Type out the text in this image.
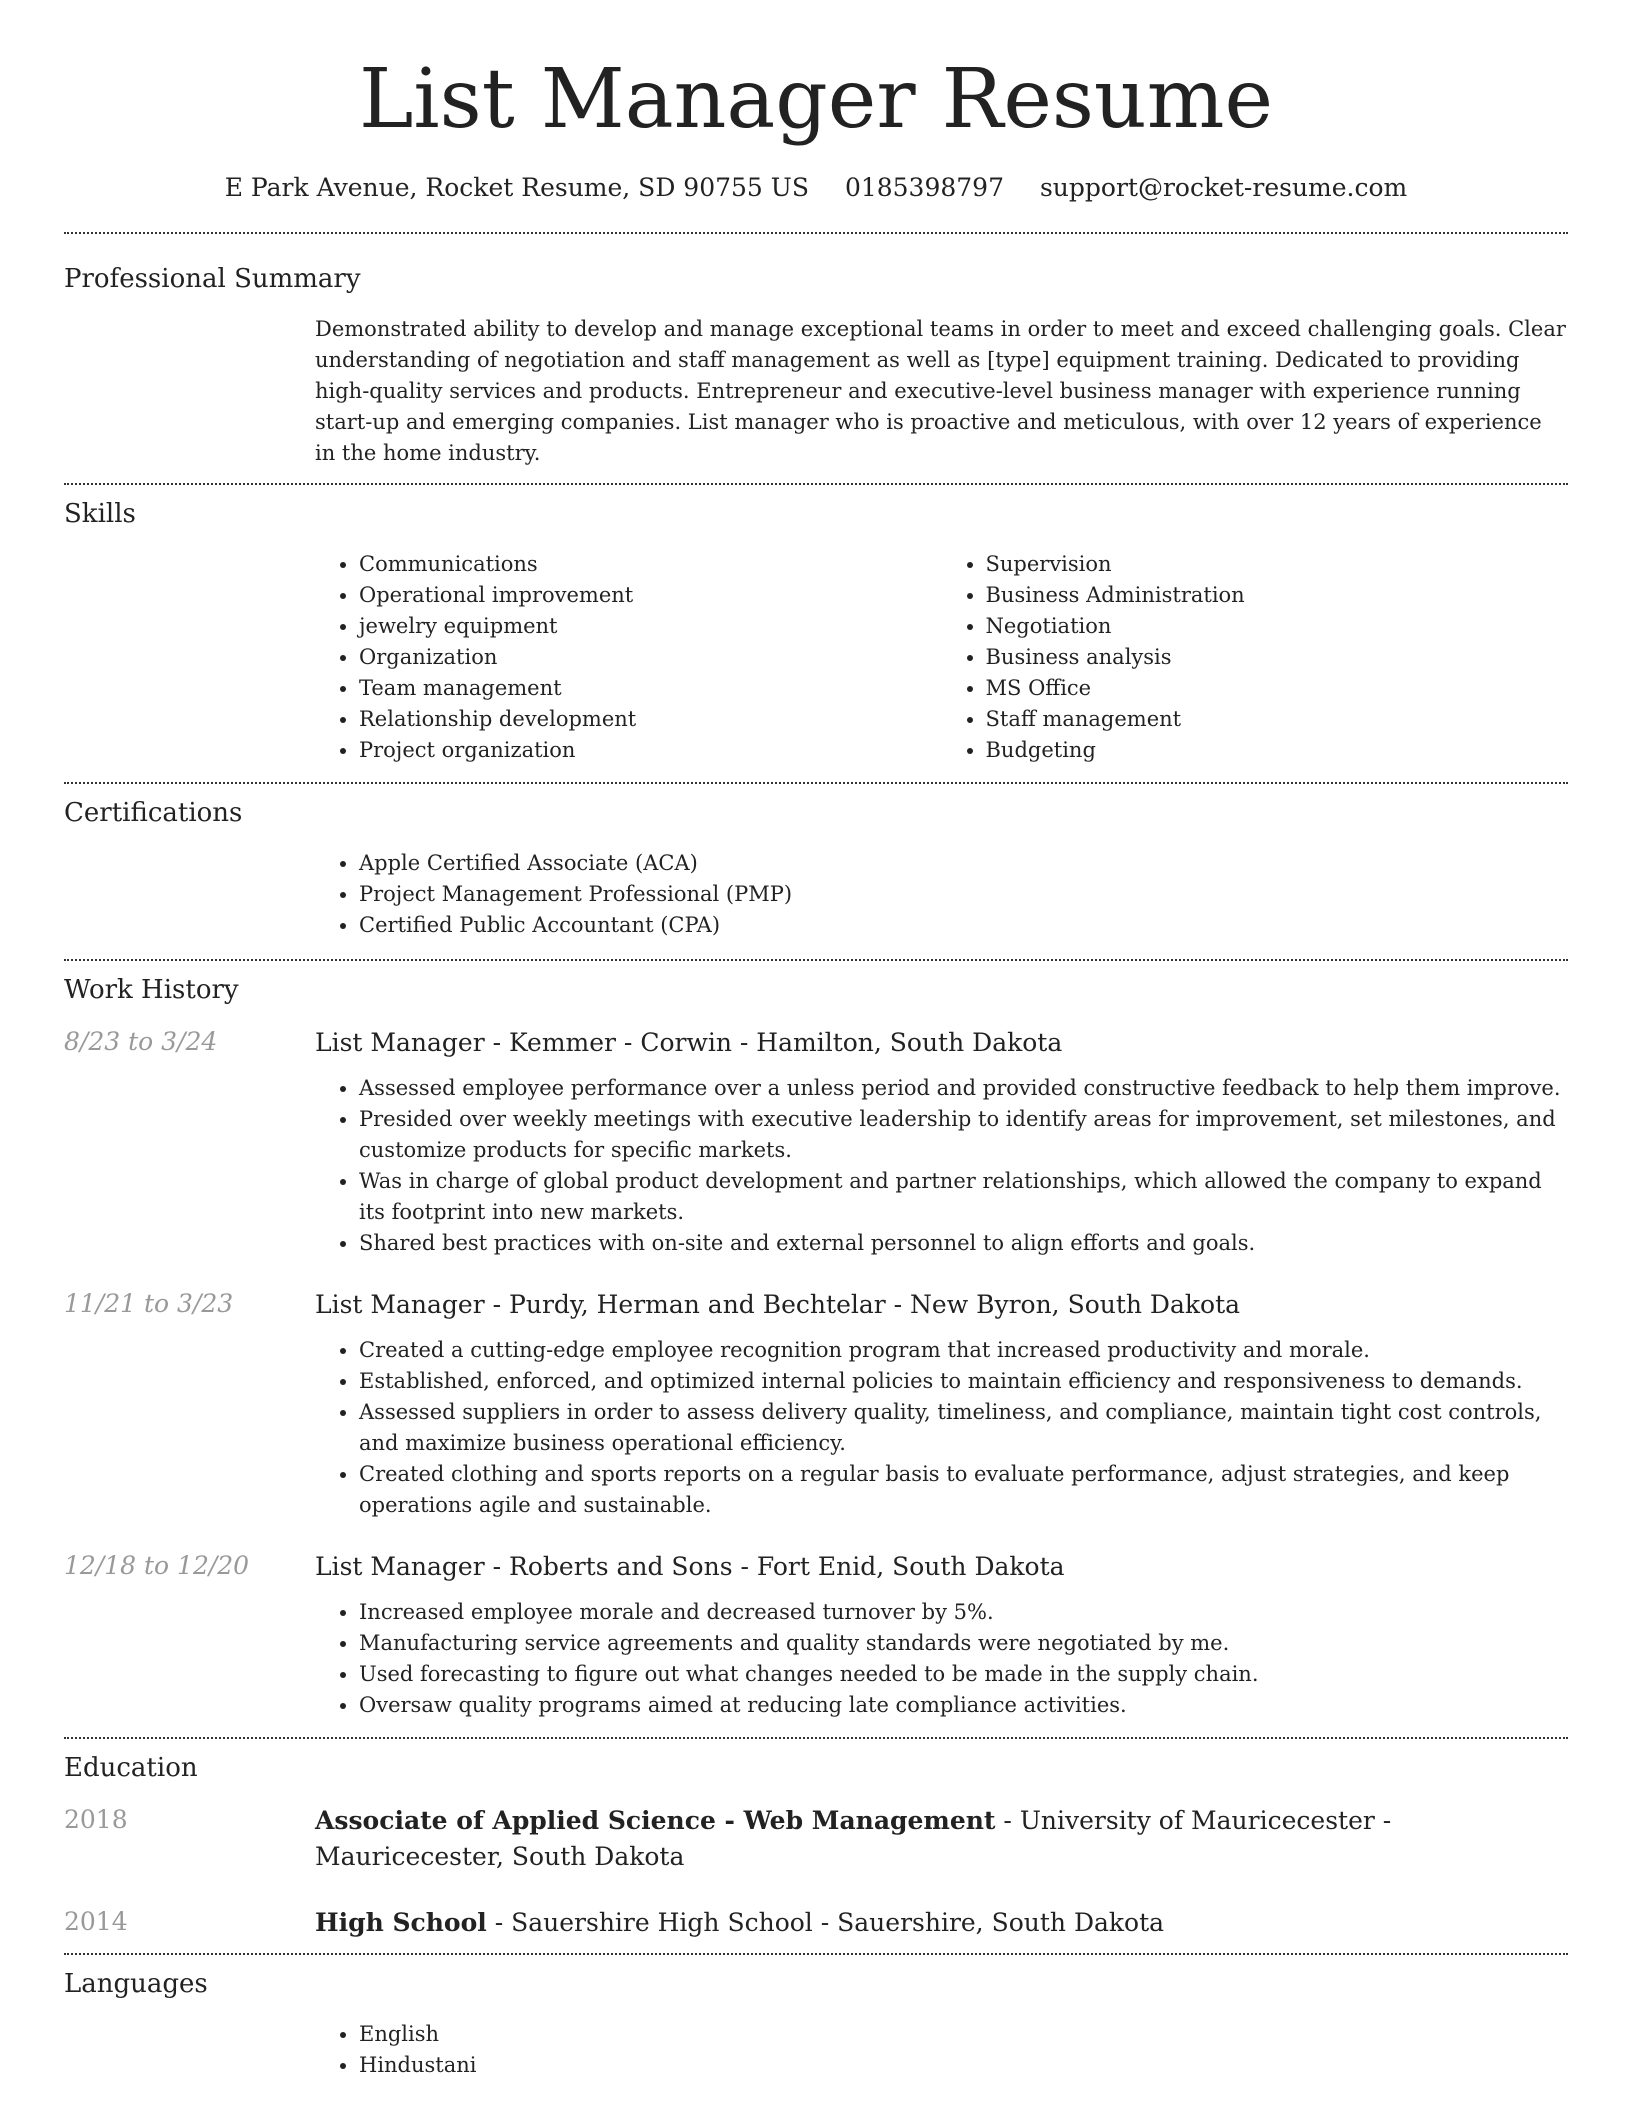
List Manager Resume
E Park Avenue, Rocket Resume, SD 90755 US 0185398797 support@rocket-resume.com
Professional Summary

Demonstrated ability to develop and manage exceptional teams in order to meet and exceed challenging goals. Clear understanding of negotiation and staff management as well as [type] equipment training. Dedicated to providing high-quality services and products. Entrepreneur and executive-level business manager with experience running start-up and emerging companies. List manager who is proactive and meticulous, with over 12 years of experience in the home industry.

Skills
• Communications
• Operational improvement
• jewelry equipment
• Organization
• Team management
• Relationship development
• Project organization
• Supervision
• Business Administration
• Negotiation
• Business analysis
• MS Office
• Staff management
• Budgeting
Certifications
• Apple Certified Associate (ACA)
• Project Management Professional (PMP)
• Certified Public Accountant (CPA)
Work History
8/23 to 3/24	List Manager - Kemmer - Corwin - Hamilton, South Dakota
• Assessed employee performance over a unless period and provided constructive feedback to help them improve.
• Presided over weekly meetings with executive leadership to identify areas for improvement, set milestones, and customize products for specific markets.
• Was in charge of global product development and partner relationships, which allowed the company to expand its footprint into new markets.
• Shared best practices with on-site and external personnel to align efforts and goals.
11/21 to 3/23	List Manager - Purdy, Herman and Bechtelar - New Byron, South Dakota
• Created a cutting-edge employee recognition program that increased productivity and morale.
• Established, enforced, and optimized internal policies to maintain efficiency and responsiveness to demands.
• Assessed suppliers in order to assess delivery quality, timeliness, and compliance, maintain tight cost controls, and maximize business operational efficiency.
• Created clothing and sports reports on a regular basis to evaluate performance, adjust strategies, and keep operations agile and sustainable.
12/18 to 12/20	List Manager - Roberts and Sons - Fort Enid, South Dakota
• Increased employee morale and decreased turnover by 5%.
• Manufacturing service agreements and quality standards were negotiated by me.
• Used forecasting to figure out what changes needed to be made in the supply chain.
• Oversaw quality programs aimed at reducing late compliance activities.
Education
2018	Associate of Applied Science - Web Management - University of Mauricecester - Mauricecester, South Dakota
2014	High School - Sauershire High School - Sauershire, South Dakota
Languages
• English
• Hindustani
